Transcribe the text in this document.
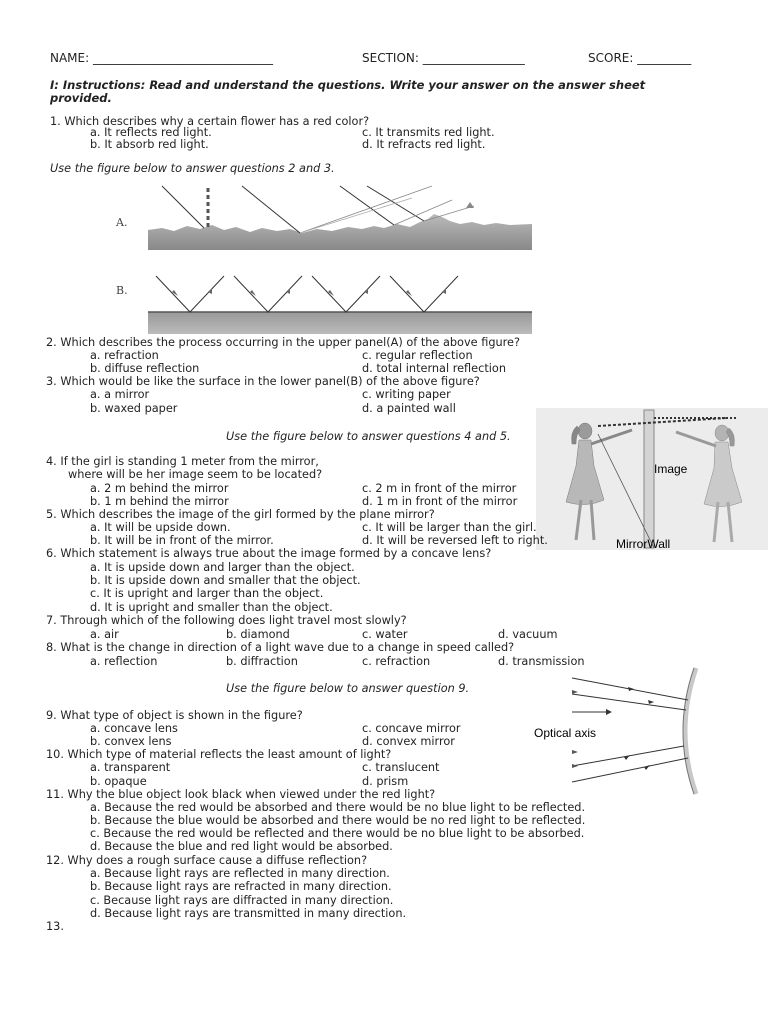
NAME: ______________________________	SECTION: _________________	SCORE: _________
I: Instructions: Read and understand the questions. Write your answer on the answer sheet
provided.
1. Which describes why a certain flower has a red color?
a. It reflects red light.	c. It transmits red light.
b. It absorb red light.	d. It refracts red light.
Use the figure below to answer questions 2 and 3.
A.
B.
2. Which describes the process occurring in the upper panel(A) of the above figure?
a. refraction	c. regular reflection
b. diffuse reflection	d. total internal reflection
3. Which would be like the surface in the lower panel(B) of the above figure?
a. a mirror	c. writing paper
b. waxed paper	d. a painted wall
Use the figure below to answer questions 4 and 5.
Image
MirrorWall
4. If the girl is standing 1 meter from the mirror,
where will be her image seem to be located?
a. 2 m behind the mirror	c. 2 m in front of the mirror
b. 1 m behind the mirror	d. 1 m in front of the mirror
5. Which describes the image of the girl formed by the plane mirror?
a. It will be upside down.	c. It will be larger than the girl.
b. It will be in front of the mirror.	d. It will be reversed left to right.
6. Which statement is always true about the image formed by a concave lens?
a. It is upside down and larger than the object.
b. It is upside down and smaller that the object.
c. It is upright and larger than the object.
d. It is upright and smaller than the object.
7. Through which of the following does light travel most slowly?
a. air	b. diamond	c. water	d. vacuum
8. What is the change in direction of a light wave due to a change in speed called?
a. reflection	b. diffraction	c. refraction	d. transmission
Use the figure below to answer question 9.
Optical axis
9. What type of object is shown in the figure?
a. concave lens	c. concave mirror
b. convex lens	d. convex mirror
10. Which type of material reflects the least amount of light?
a. transparent	c. translucent
b. opaque	d. prism
11. Why the blue object look black when viewed under the red light?
a. Because the red would be absorbed and there would be no blue light to be reflected.
b. Because the blue would be absorbed and there would be no red light to be reflected.
c. Because the red would be reflected and there would be no blue light to be absorbed.
d. Because the blue and red light would be absorbed.
12. Why does a rough surface cause a diffuse reflection?
a. Because light rays are reflected in many direction.
b. Because light rays are refracted in many direction.
c. Because light rays are diffracted in many direction.
d. Because light rays are transmitted in many direction.
13.
